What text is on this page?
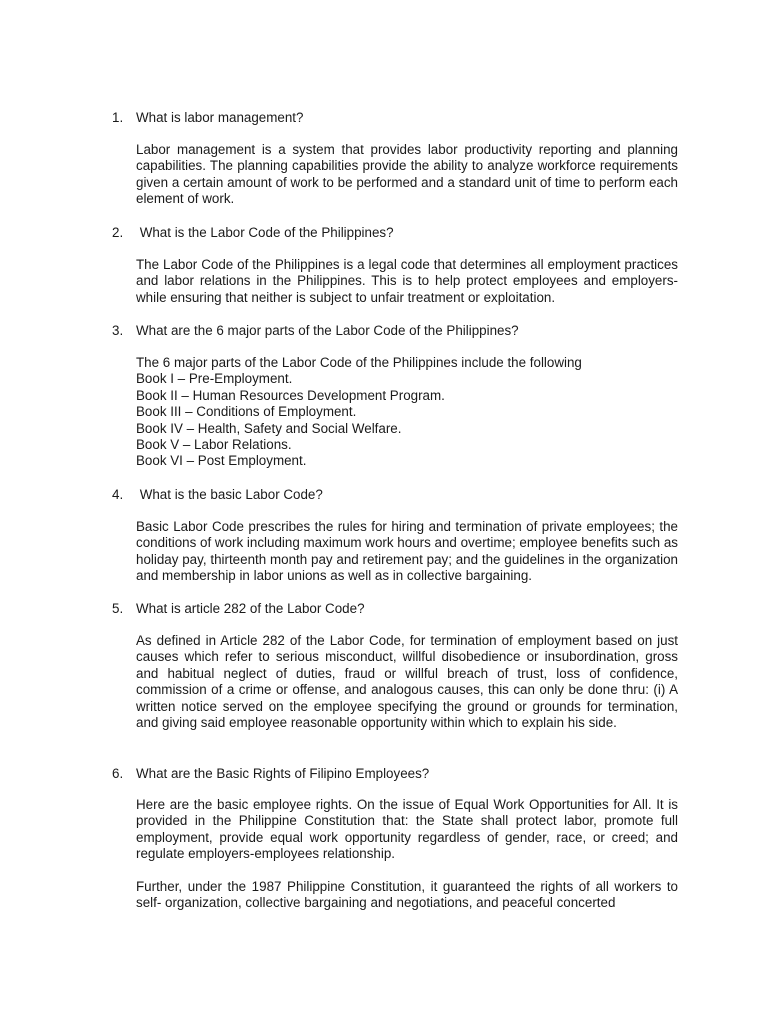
1. What is labor management?

Labor management is a system that provides labor productivity reporting and planning capabilities. The planning capabilities provide the ability to analyze workforce requirements given a certain amount of work to be performed and a standard unit of time to perform each element of work.

2. What is the Labor Code of the Philippines?

The Labor Code of the Philippines is a legal code that determines all employment practices and labor relations in the Philippines. This is to help protect employees and employers- while ensuring that neither is subject to unfair treatment or exploitation.

3. What are the 6 major parts of the Labor Code of the Philippines?
The 6 major parts of the Labor Code of the Philippines include the following
Book I – Pre-Employment.
Book II – Human Resources Development Program.
Book III – Conditions of Employment.
Book IV – Health, Safety and Social Welfare.
Book V – Labor Relations.
Book VI – Post Employment.
4. What is the basic Labor Code?

Basic Labor Code prescribes the rules for hiring and termination of private employees; the conditions of work including maximum work hours and overtime; employee benefits such as holiday pay, thirteenth month pay and retirement pay; and the guidelines in the organization and membership in labor unions as well as in collective bargaining.

5. What is article 282 of the Labor Code?

As defined in Article 282 of the Labor Code, for termination of employment based on just causes which refer to serious misconduct, willful disobedience or insubordination, gross and habitual neglect of duties, fraud or willful breach of trust, loss of confidence, commission of a crime or offense, and analogous causes, this can only be done thru: (i) A written notice served on the employee specifying the ground or grounds for termination, and giving said employee reasonable opportunity within which to explain his side.

6. What are the Basic Rights of Filipino Employees?

Here are the basic employee rights. On the issue of Equal Work Opportunities for All. It is provided in the Philippine Constitution that: the State shall protect labor, promote full employment, provide equal work opportunity regardless of gender, race, or creed; and regulate employers-employees relationship.

Further, under the 1987 Philippine Constitution, it guaranteed the rights of all workers to self- organization, collective bargaining and negotiations, and peaceful concerted
